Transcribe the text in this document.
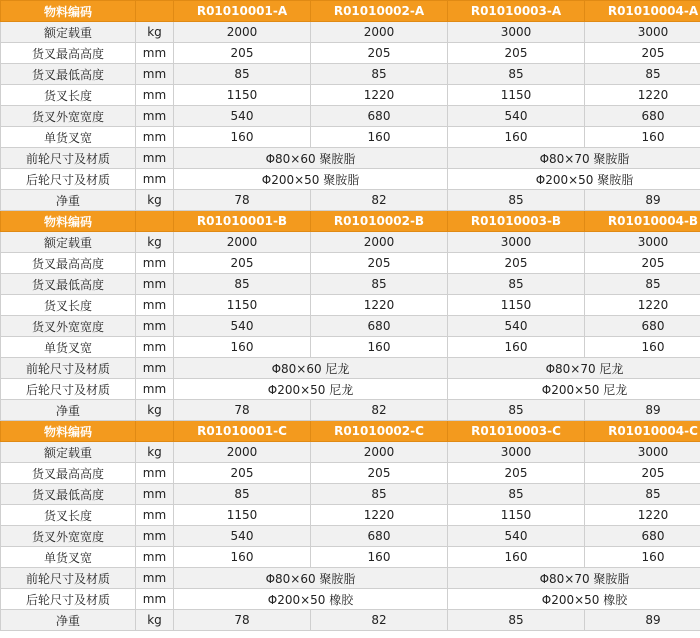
物料编码		R01010001-A	R01010002-A	R01010003-A	R01010004-A
额定载重	kg	2000	2000	3000	3000
货叉最高高度	mm	205	205	205	205
货叉最低高度	mm	85	85	85	85
货叉长度	mm	1150	1220	1150	1220
货叉外宽宽度	mm	540	680	540	680
单货叉宽	mm	160	160	160	160
前轮尺寸及材质	mm	Φ80×60 聚胺脂		Φ80×70 聚胺脂	
后轮尺寸及材质	mm	Φ200×50 聚胺脂		Φ200×50 聚胺脂	
净重	kg	78	82	85	89
物料编码		R01010001-B	R01010002-B	R01010003-B	R01010004-B
额定载重	kg	2000	2000	3000	3000
货叉最高高度	mm	205	205	205	205
货叉最低高度	mm	85	85	85	85
货叉长度	mm	1150	1220	1150	1220
货叉外宽宽度	mm	540	680	540	680
单货叉宽	mm	160	160	160	160
前轮尺寸及材质	mm	Φ80×60 尼龙		Φ80×70 尼龙	
后轮尺寸及材质	mm	Φ200×50 尼龙		Φ200×50 尼龙	
净重	kg	78	82	85	89
物料编码		R01010001-C	R01010002-C	R01010003-C	R01010004-C
额定载重	kg	2000	2000	3000	3000
货叉最高高度	mm	205	205	205	205
货叉最低高度	mm	85	85	85	85
货叉长度	mm	1150	1220	1150	1220
货叉外宽宽度	mm	540	680	540	680
单货叉宽	mm	160	160	160	160
前轮尺寸及材质	mm	Φ80×60 聚胺脂		Φ80×70 聚胺脂	
后轮尺寸及材质	mm	Φ200×50 橡胶		Φ200×50 橡胶	
净重	kg	78	82	85	89
